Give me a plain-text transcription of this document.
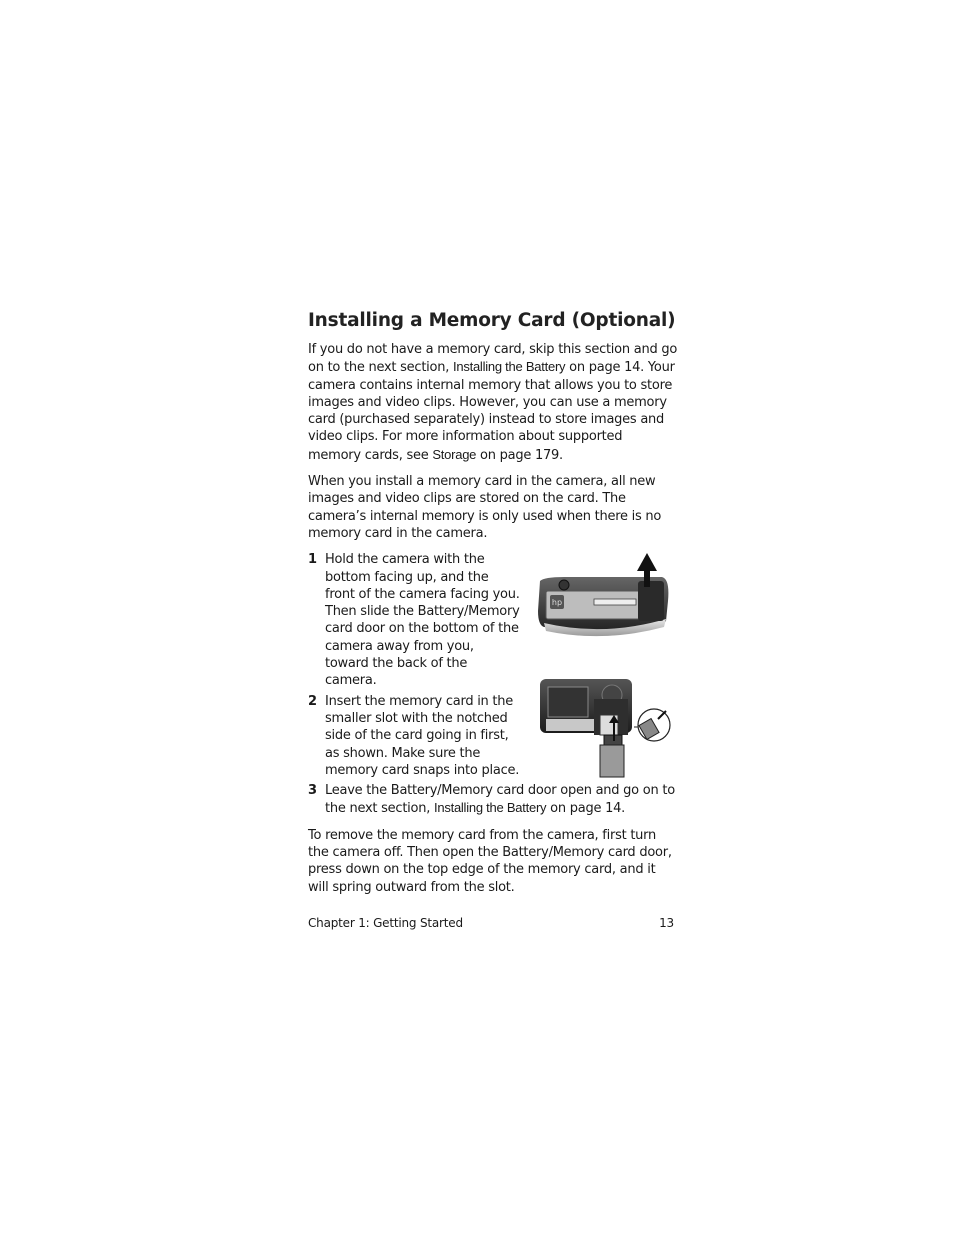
Installing a Memory Card (Optional)

If you do not have a memory card, skip this section and go on to the next section, Installing the Battery on page 14. Your camera contains internal memory that allows you to store images and video clips. However, you can use a memory card (purchased separately) instead to store images and video clips. For more information about supported memory cards, see Storage on page 179.

When you install a memory card in the camera, all new images and video clips are stored on the card. The camera’s internal memory is only used when there is no memory card in the camera.

1 Hold the camera with the bottom facing up, and the front of the camera facing you. Then slide the Battery/Memory card door on the bottom of the camera away from you, toward the back of the camera.
2 Insert the memory card in the smaller slot with the notched side of the card going in first, as shown. Make sure the memory card snaps into place.
3 Leave the Battery/Memory card door open and go on to the next section, Installing the Battery on page 14.
hp

To remove the memory card from the camera, first turn the camera off. Then open the Battery/Memory card door, press down on the top edge of the memory card, and it will spring outward from the slot.

Chapter 1: Getting Started	13
